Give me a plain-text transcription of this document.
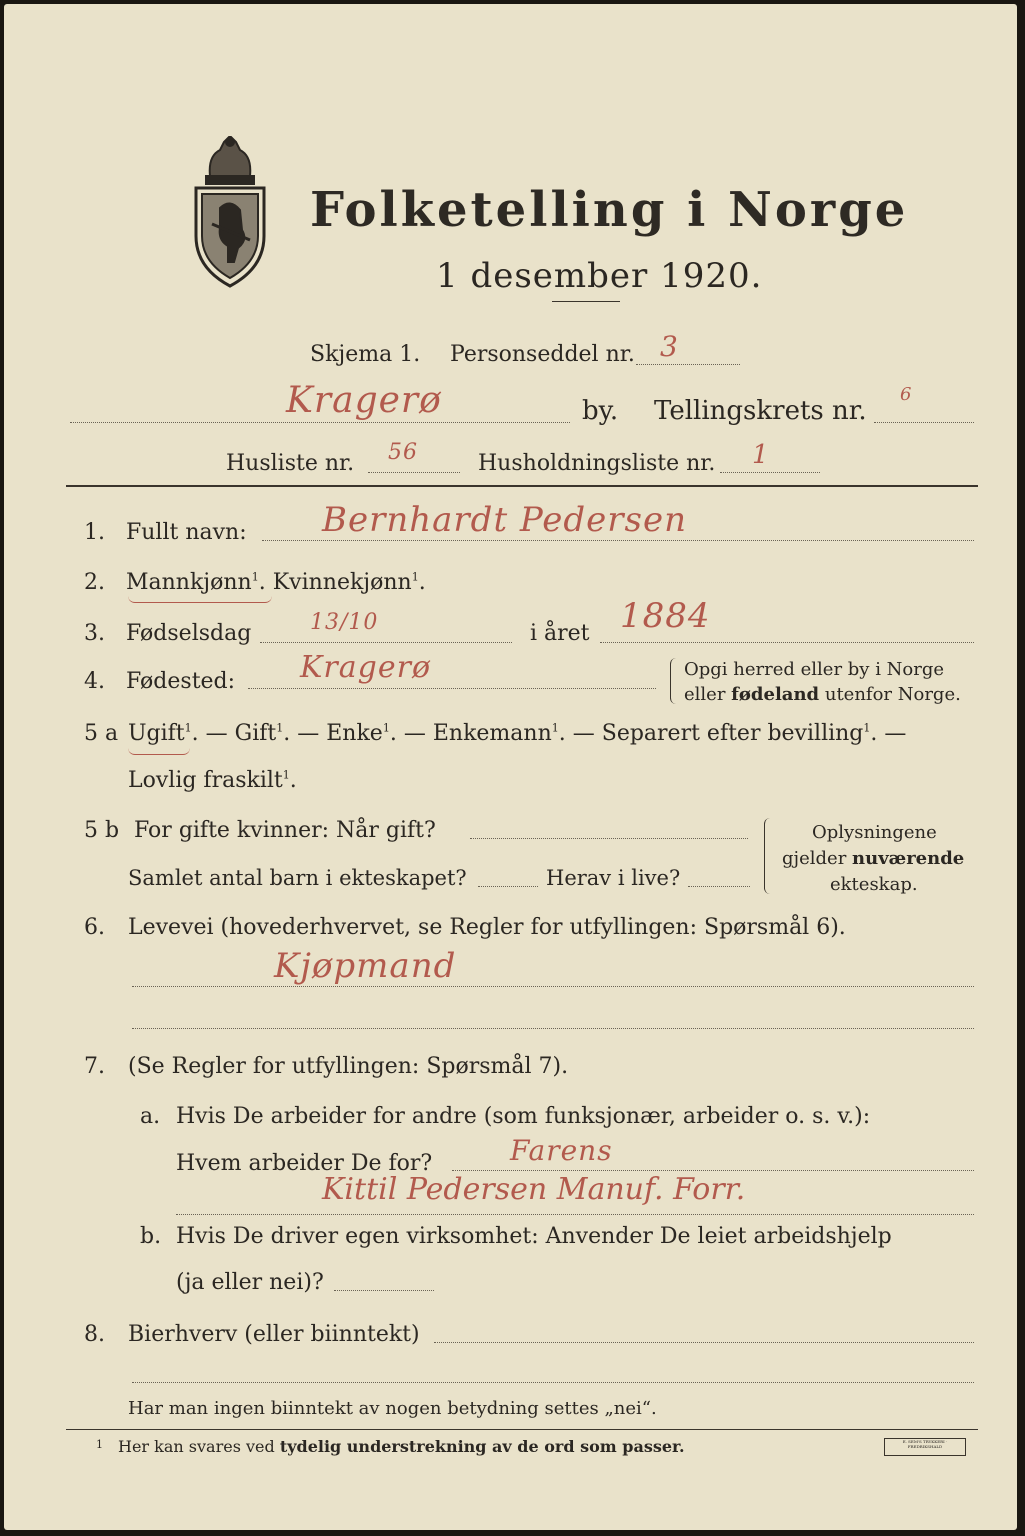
Folketelling i Norge
1 desember 1920.
Skjema 1. Personseddel nr. 3
Kragerø	by. Tellingskrets nr.
6
Husliste nr. 56	Husholdningsliste nr. 1
1. Fullt navn: Bernhardt Pedersen
2. Mannkjønn$^1$. Kvinnekjønn$^1$.
3. Fødselsdag	13/10	i året 1884
4. Fødested: Kragerø	Opgi herred eller by i Norge
eller fødeland utenfor Norge.
5 a Ugift$^1$. — Gift$^1$. — Enke$^1$. — Enkemann$^1$. — Separert efter bevilling$^1$. —
Lovlig fraskilt$^1$.
5 b For gifte kvinner: Når gift?
Samlet antal barn i ekteskapet?	Herav i live?
Oplysningene
gjelder nuværende
ekteskap.
6. Levevei (hovederhvervet, se Regler for utfyllingen: Spørsmål 6).
Kjøpmand
7. (Se Regler for utfyllingen: Spørsmål 7).
a. Hvis De arbeider for andre (som funksjonær, arbeider o. s. v.):
Hvem arbeider De for?	Farens
Kittil Pedersen Manuf. Forr.
b. Hvis De driver egen virksomhet: Anvender De leiet arbeidshjelp
(ja eller nei)?
8. Bierhverv (eller biinntekt)
Har man ingen biinntekt av nogen betydning settes „nei“.
1 Her kan svares ved tydelig understrekning av de ord som passer.	E. SEM'S TRYKKERI · FREDRIKSHALD
